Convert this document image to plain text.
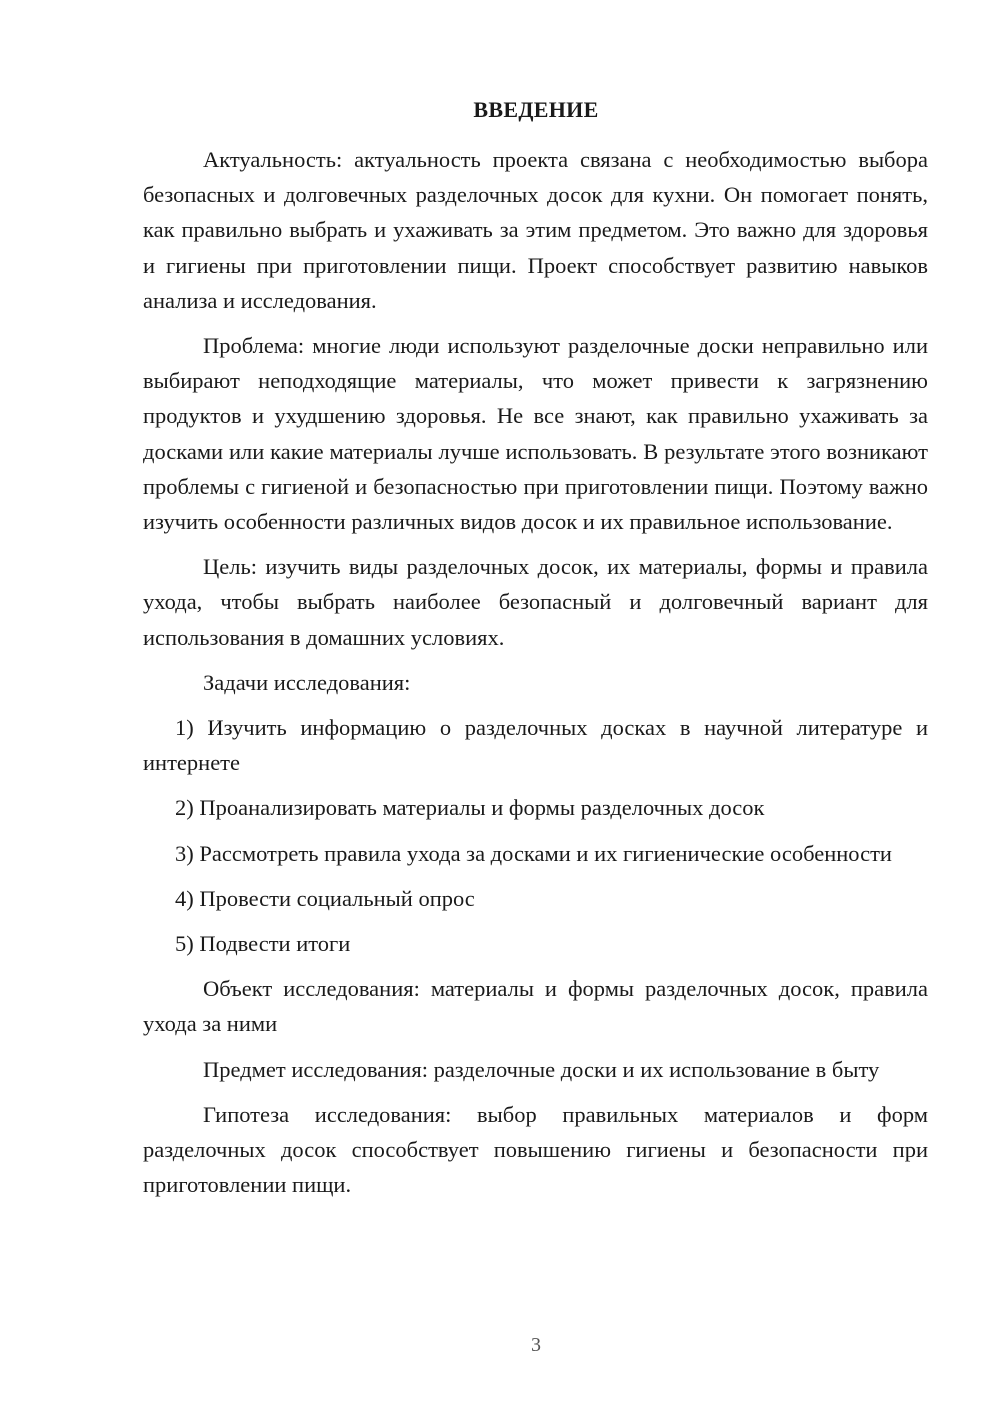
ВВЕДЕНИЕ

Актуальность: актуальность проекта связана с необходимостью выбора безопасных и долговечных разделочных досок для кухни. Он помогает понять, как правильно выбрать и ухаживать за этим предметом. Это важно для здоровья и гигиены при приготовлении пищи. Проект способствует развитию навыков анализа и исследования.

Проблема: многие люди используют разделочные доски неправильно или выбирают неподходящие материалы, что может привести к загрязнению продуктов и ухудшению здоровья. Не все знают, как правильно ухаживать за досками или какие материалы лучше использовать. В результате этого возникают проблемы с гигиеной и безопасностью при приготовлении пищи. Поэтому важно изучить особенности различных видов досок и их правильное использование.

Цель: изучить виды разделочных досок, их материалы, формы и правила ухода, чтобы выбрать наиболее безопасный и долговечный вариант для использования в домашних условиях.

Задачи исследования:

1) Изучить информацию о разделочных досках в научной литературе и интернете

2) Проанализировать материалы и формы разделочных досок

3) Рассмотреть правила ухода за досками и их гигиенические особенности

4) Провести социальный опрос

5) Подвести итоги

Объект исследования: материалы и формы разделочных досок, правила ухода за ними

Предмет исследования: разделочные доски и их использование в быту

Гипотеза исследования: выбор правильных материалов и форм разделочных досок способствует повышению гигиены и безопасности при приготовлении пищи.

3
